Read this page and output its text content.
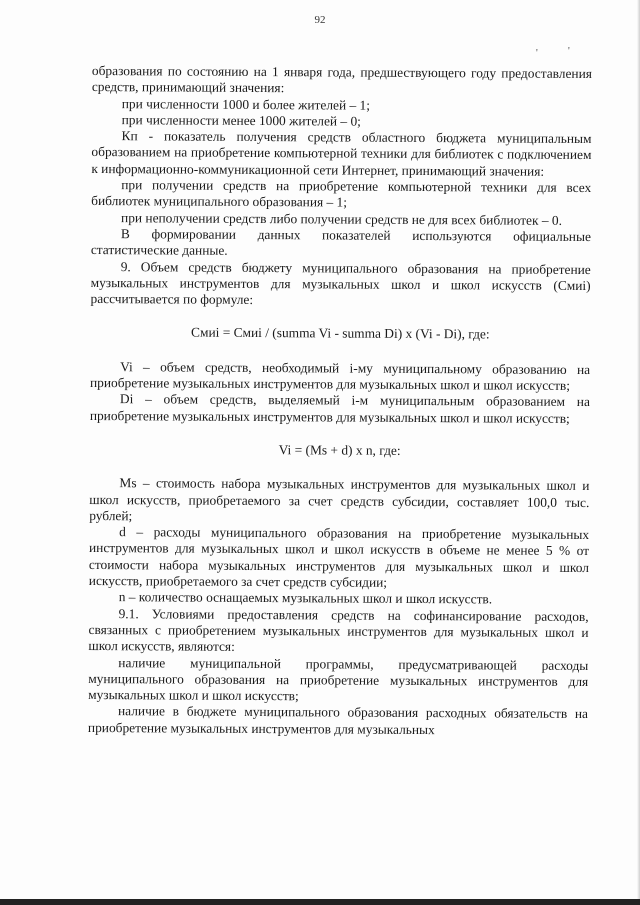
92
'	'

образования по состоянию на 1 января года, предшествующего году предоставления средств, принимающий значения:

при численности 1000 и более жителей – 1;

при численности менее 1000 жителей – 0;

Кп - показатель получения средств областного бюджета муниципальным образованием на приобретение компьютерной техники для библиотек с подключением к информационно-коммуникационной сети Интернет, принимающий значения:

при получении средств на приобретение компьютерной техники для всех библиотек муниципального образования – 1;

при неполучении средств либо получении средств не для всех библиотек – 0.

В формировании данных показателей используются официальные статистические данные.

9. Объем средств бюджету муниципального образования на приобретение музыкальных инструментов для музыкальных школ и школ искусств (Cмиi) рассчитывается по формуле:

Cмиi = Cмиi / (summa Vi - summa Di) x (Vi - Di), где:

Vi – объем средств, необходимый i-му муниципальному образованию на приобретение музыкальных инструментов для музыкальных школ и школ искусств;

Di – объем средств, выделяемый i-м муниципальным образованием на приобретение музыкальных инструментов для музыкальных школ и школ искусств;

Vi = (Ms + d) x n, где:

Ms – стоимость набора музыкальных инструментов для музыкальных школ и школ искусств, приобретаемого за счет средств субсидии, составляет 100,0 тыс. рублей;

d – расходы муниципального образования на приобретение музыкальных инструментов для музыкальных школ и школ искусств в объеме не менее 5 % от стоимости набора музыкальных инструментов для музыкальных школ и школ искусств, приобретаемого за счет средств субсидии;

n – количество оснащаемых музыкальных школ и школ искусств.

9.1. Условиями предоставления средств на софинансирование расходов, связанных с приобретением музыкальных инструментов для музыкальных школ и школ искусств, являются:

наличие муниципальной программы, предусматривающей расходы муниципального образования на приобретение музыкальных инструментов для музыкальных школ и школ искусств;

наличие в бюджете муниципального образования расходных обязательств на приобретение музыкальных инструментов для музыкальных
